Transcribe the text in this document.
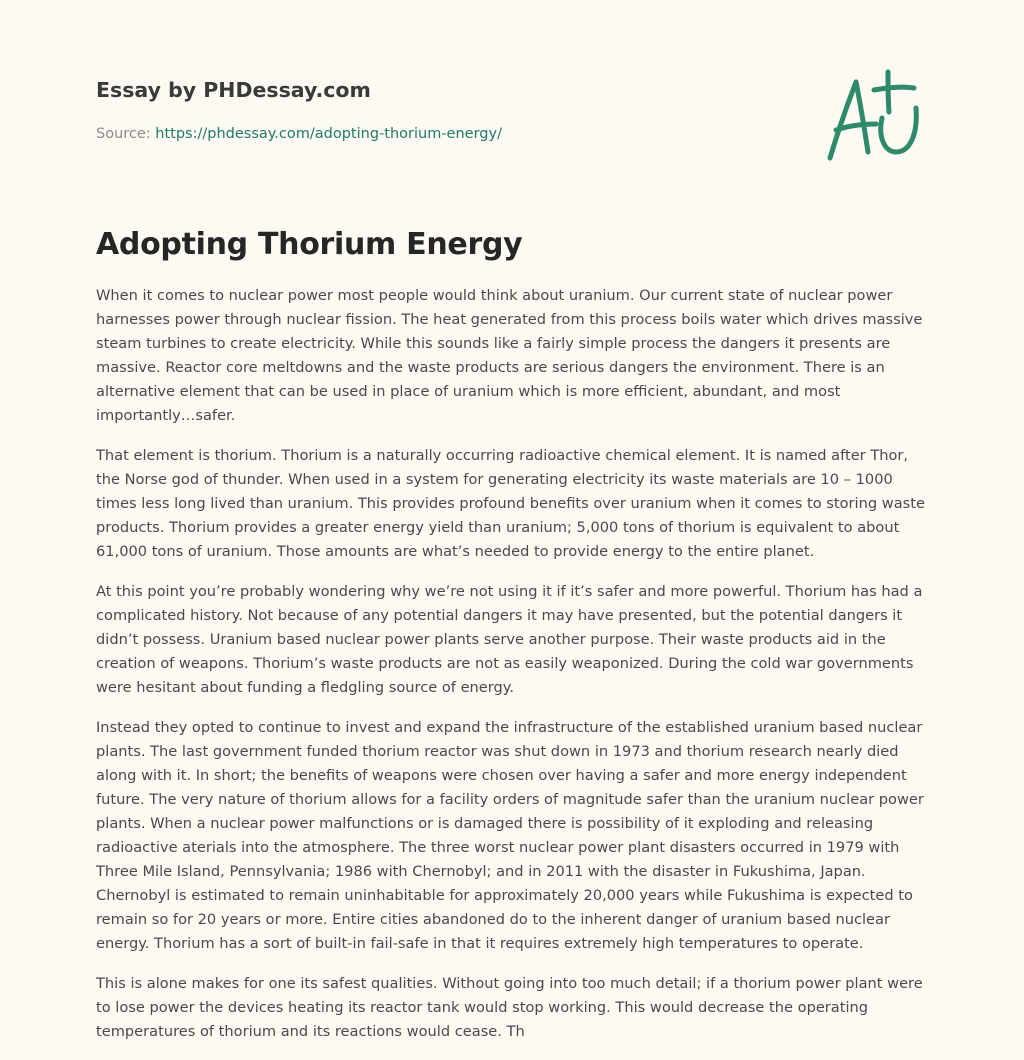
Essay by PHDessay.com
Source: https://phdessay.com/adopting-thorium-energy/
Adopting Thorium Energy

When it comes to nuclear power most people would think about uranium. Our current state of nuclear power harnesses power through nuclear fission. The heat generated from this process boils water which drives massive steam turbines to create electricity. While this sounds like a fairly simple process the dangers it presents are massive. Reactor core meltdowns and the waste products are serious dangers the environment. There is an alternative element that can be used in place of uranium which is more efficient, abundant, and most importantly…safer.

That element is thorium. Thorium is a naturally occurring radioactive chemical element. It is named after Thor, the Norse god of thunder. When used in a system for generating electricity its waste materials are 10 – 1000 times less long lived than uranium. This provides profound benefits over uranium when it comes to storing waste products. Thorium provides a greater energy yield than uranium; 5,000 tons of thorium is equivalent to about 61,000 tons of uranium. Those amounts are what’s needed to provide energy to the entire planet.

At this point you’re probably wondering why we’re not using it if it’s safer and more powerful. Thorium has had a complicated history. Not because of any potential dangers it may have presented, but the potential dangers it didn’t possess. Uranium based nuclear power plants serve another purpose. Their waste products aid in the creation of weapons. Thorium’s waste products are not as easily weaponized. During the cold war governments were hesitant about funding a fledgling source of energy.

Instead they opted to continue to invest and expand the infrastructure of the established uranium based nuclear plants. The last government funded thorium reactor was shut down in 1973 and thorium research nearly died along with it. In short; the benefits of weapons were chosen over having a safer and more energy independent future. The very nature of thorium allows for a facility orders of magnitude safer than the uranium nuclear power plants. When a nuclear power malfunctions or is damaged there is possibility of it exploding and releasing radioactive aterials into the atmosphere. The three worst nuclear power plant disasters occurred in 1979 with Three Mile Island, Pennsylvania; 1986 with Chernobyl; and in 2011 with the disaster in Fukushima, Japan. Chernobyl is estimated to remain uninhabitable for approximately 20,000 years while Fukushima is expected to remain so for 20 years or more. Entire cities abandoned do to the inherent danger of uranium based nuclear energy. Thorium has a sort of built-in fail-safe in that it requires extremely high temperatures to operate.

This is alone makes for one its safest qualities. Without going into too much detail; if a thorium power plant were to lose power the devices heating its reactor tank would stop working. This would decrease the operating temperatures of thorium and its reactions would cease. Th
